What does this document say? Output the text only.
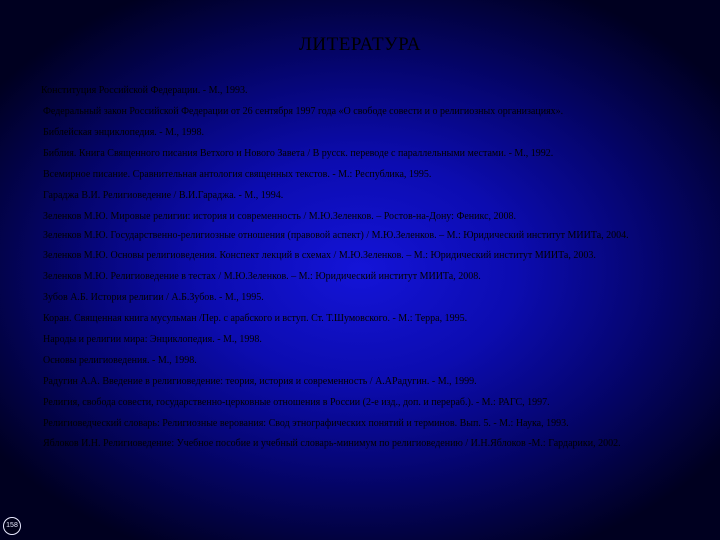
ЛИТЕРАТУРА

Конституция Российской Федерации. - М., 1993.

Федеральный закон Российской Федерации от 26 сентября 1997 года «О свободе совести и о религиозных организациях».

Библейская энциклопедия. - М., 1998.

Библия. Книга Священного писания Ветхого и Нового Завета / В русск. переводе с параллельными местами. - М., 1992.

Всемирное писание. Сравнительная антология священных текстов. - М.: Республика, 1995.

Гараджа В.И. Религиоведение / В.И.Гараджа. - М., 1994.

Зеленков М.Ю. Мировые религии: история и современность / М.Ю.Зеленков. – Ростов-на-Дону: Феникс, 2008.

Зеленков М.Ю. Государственно-религиозные отношения (правовой аспект) / М.Ю.Зеленков. – М.: Юридический институт МИИТа, 2004.

Зеленков М.Ю. Основы религиоведения. Конспект лекций в схемах / М.Ю.Зеленков. – М.: Юридический институт МИИТа, 2003.

Зеленков М.Ю. Религиоведение в тестах / М.Ю.Зеленков. – М.: Юридический институт МИИТа, 2008.

Зубов А.Б. История религии / А.Б.Зубов. - М., 1995.

Коран. Священная книга мусульман /Пер. с арабского и вступ. Ст. Т.Шумовского. - М.: Терра, 1995.

Народы и религии мира: Энциклопедия. - М., 1998.

Основы религиоведения. - М., 1998.

Радугин А.А. Введение в религиоведение: теория, история и современность / А.АРадугин. - М., 1999.

Религия, свобода совести, государственно-церковные отношения в России (2-е изд., доп. и перераб.). - М.: РАГС, 1997.

Религиоведческий словарь: Религиозные верования: Свод этнографических понятий и терминов. Вып. 5. - М.: Наука, 1993.

Яблоков И.Н. Религиоведение: Учебное пособие и учебный словарь-минимум по религиоведению / И.Н.Яблоков -М.: Гардарики, 2002.

158
